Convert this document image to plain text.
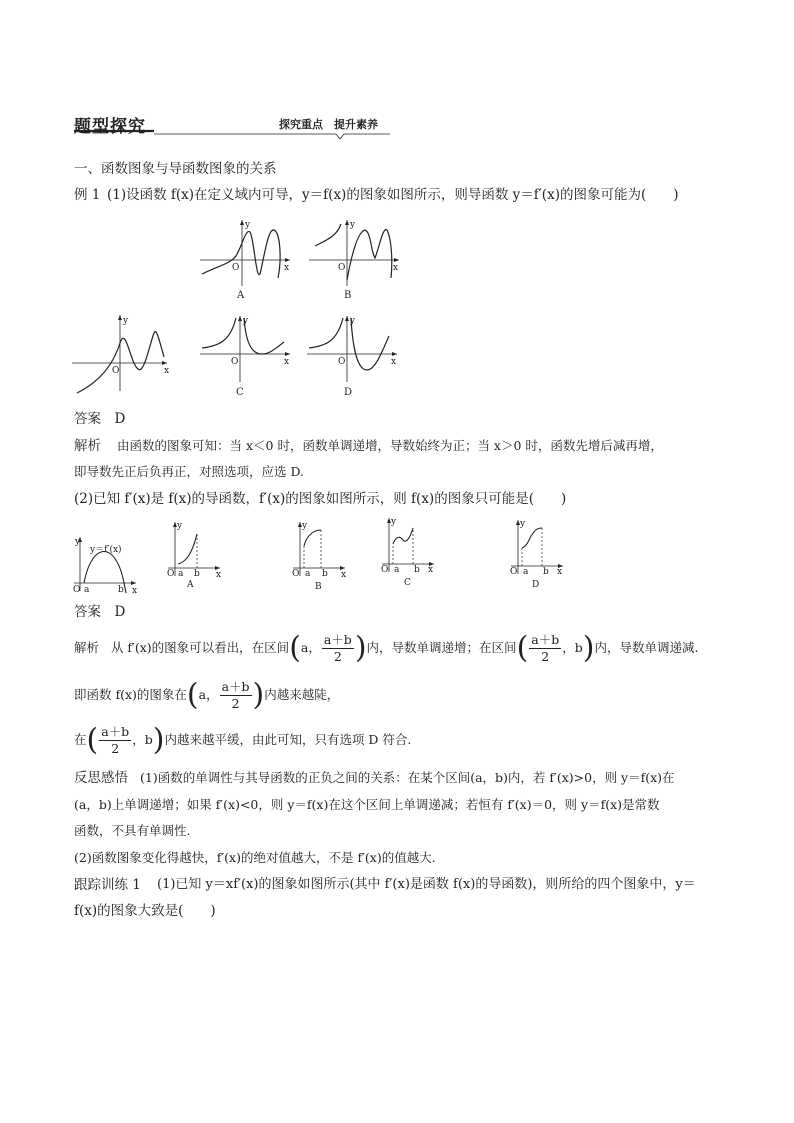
题型探究	探究重点　提升素养
一、函数图象与导函数图象的关系
例 1 (1)设函数 f(x)在定义域内可导，y＝f(x)的图象如图所示，则导函数 y＝f′(x)的图象可能为(　　)
y
x
O
y
x
O
A
y
x
O
B
y
x
O
C
y
x
O
D
答案　D
解析 由函数的图象可知：当 x＜0 时，函数单调递增，导数始终为正；当 x＞0 时，函数先增后减再增，
即导数先正后负再正，对照选项，应选 D.
(2)已知 f′(x)是 f(x)的导函数，f′(x)的图象如图所示，则 f(x)的图象只可能是(　　)
y
x
O a	b
y＝f′(x)
y
x
O a b
A
y
x
O a b
B
y
x
O a b
C
y
x
O a b
D
答案　D
解析 从 f′(x)的图象可以看出，在区间(a， $\frac{a+b}{2}$ )内，导数单调递增；在区间( $\frac{a+b}{2}$ ，b)内，导数单调递减.
即函数 f(x)的图象在(a， $\frac{a+b}{2}$ )内越来越陡，
在( $\frac{a+b}{2}$ ，b)内越来越平缓，由此可知，只有选项 D 符合.
反思感悟 (1)函数的单调性与其导函数的正负之间的关系：在某个区间(a，b)内，若 f′(x)>0，则 y＝f(x)在
(a，b)上单调递增；如果 f′(x)<0，则 y＝f(x)在这个区间上单调递减；若恒有 f′(x)＝0，则 y＝f(x)是常数
函数，不具有单调性.
(2)函数图象变化得越快，f′(x)的绝对值越大，不是 f′(x)的值越大.
跟踪训练 1 (1)已知 y＝xf′(x)的图象如图所示(其中 f′(x)是函数 f(x)的导函数)，则所给的四个图象中，y＝
f(x)的图象大致是(　　)
